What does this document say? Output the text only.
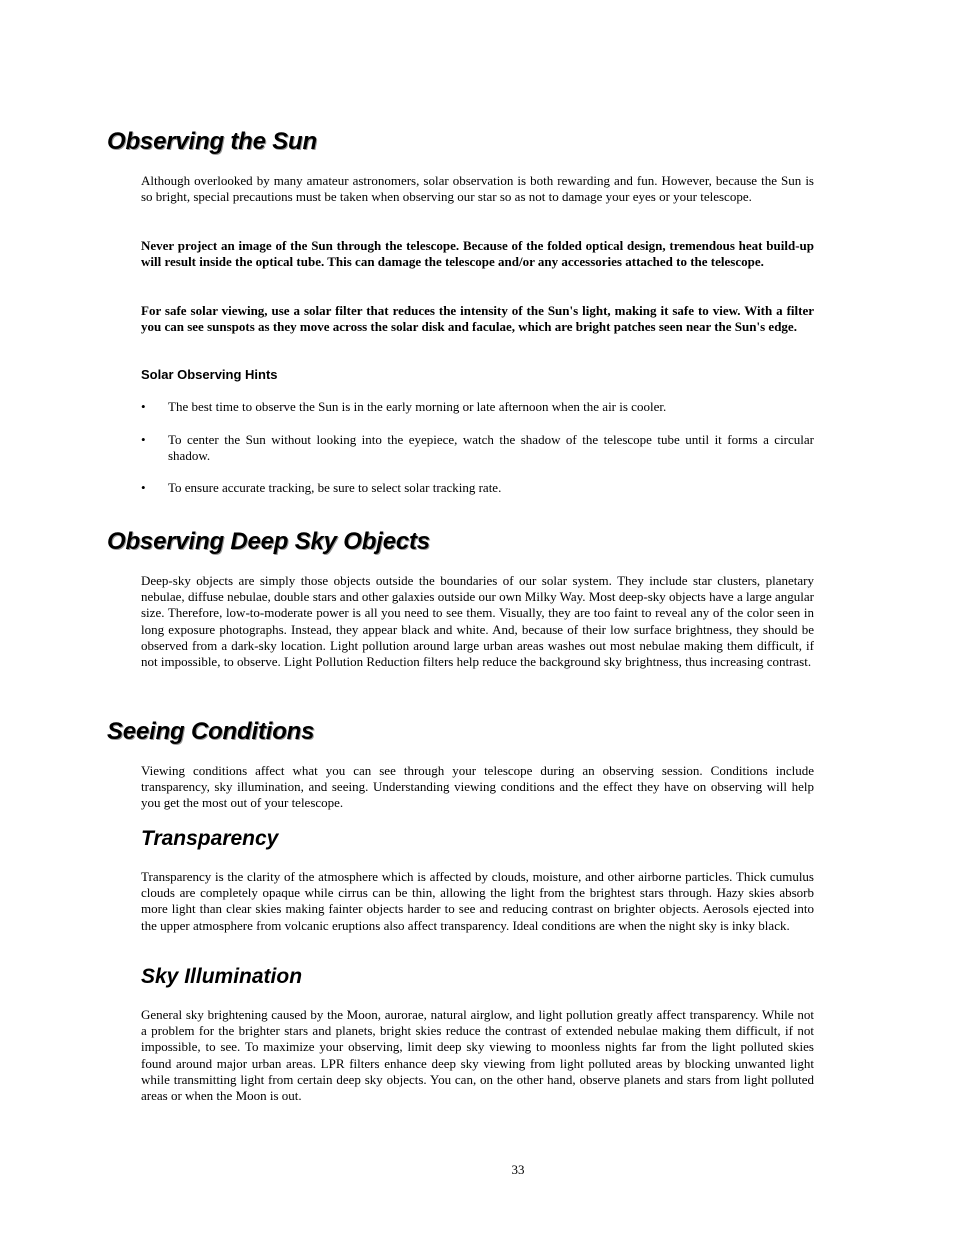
Observing the Sun

Although overlooked by many amateur astronomers, solar observation is both rewarding and fun. However, because the Sun is so bright, special precautions must be taken when observing our star so as not to damage your eyes or your telescope.

Never project an image of the Sun through the telescope. Because of the folded optical design, tremendous heat build-up will result inside the optical tube. This can damage the telescope and/or any accessories attached to the telescope.

For safe solar viewing, use a solar filter that reduces the intensity of the Sun's light, making it safe to view. With a filter you can see sunspots as they move across the solar disk and faculae, which are bright patches seen near the Sun's edge.

Solar Observing Hints
• The best time to observe the Sun is in the early morning or late afternoon when the air is cooler.
• To center the Sun without looking into the eyepiece, watch the shadow of the telescope tube until it forms a circular shadow.
• To ensure accurate tracking, be sure to select solar tracking rate.
Observing Deep Sky Objects

Deep-sky objects are simply those objects outside the boundaries of our solar system. They include star clusters, planetary nebulae, diffuse nebulae, double stars and other galaxies outside our own Milky Way. Most deep-sky objects have a large angular size. Therefore, low-to-moderate power is all you need to see them. Visually, they are too faint to reveal any of the color seen in long exposure photographs. Instead, they appear black and white. And, because of their low surface brightness, they should be observed from a dark-sky location. Light pollution around large urban areas washes out most nebulae making them difficult, if not impossible, to observe. Light Pollution Reduction filters help reduce the background sky brightness, thus increasing contrast.

Seeing Conditions

Viewing conditions affect what you can see through your telescope during an observing session. Conditions include transparency, sky illumination, and seeing. Understanding viewing conditions and the effect they have on observing will help you get the most out of your telescope.

Transparency

Transparency is the clarity of the atmosphere which is affected by clouds, moisture, and other airborne particles. Thick cumulus clouds are completely opaque while cirrus can be thin, allowing the light from the brightest stars through. Hazy skies absorb more light than clear skies making fainter objects harder to see and reducing contrast on brighter objects. Aerosols ejected into the upper atmosphere from volcanic eruptions also affect transparency. Ideal conditions are when the night sky is inky black.

Sky Illumination

General sky brightening caused by the Moon, aurorae, natural airglow, and light pollution greatly affect transparency. While not a problem for the brighter stars and planets, bright skies reduce the contrast of extended nebulae making them difficult, if not impossible, to see. To maximize your observing, limit deep sky viewing to moonless nights far from the light polluted skies found around major urban areas. LPR filters enhance deep sky viewing from light polluted areas by blocking unwanted light while transmitting light from certain deep sky objects. You can, on the other hand, observe planets and stars from light polluted areas or when the Moon is out.

33
